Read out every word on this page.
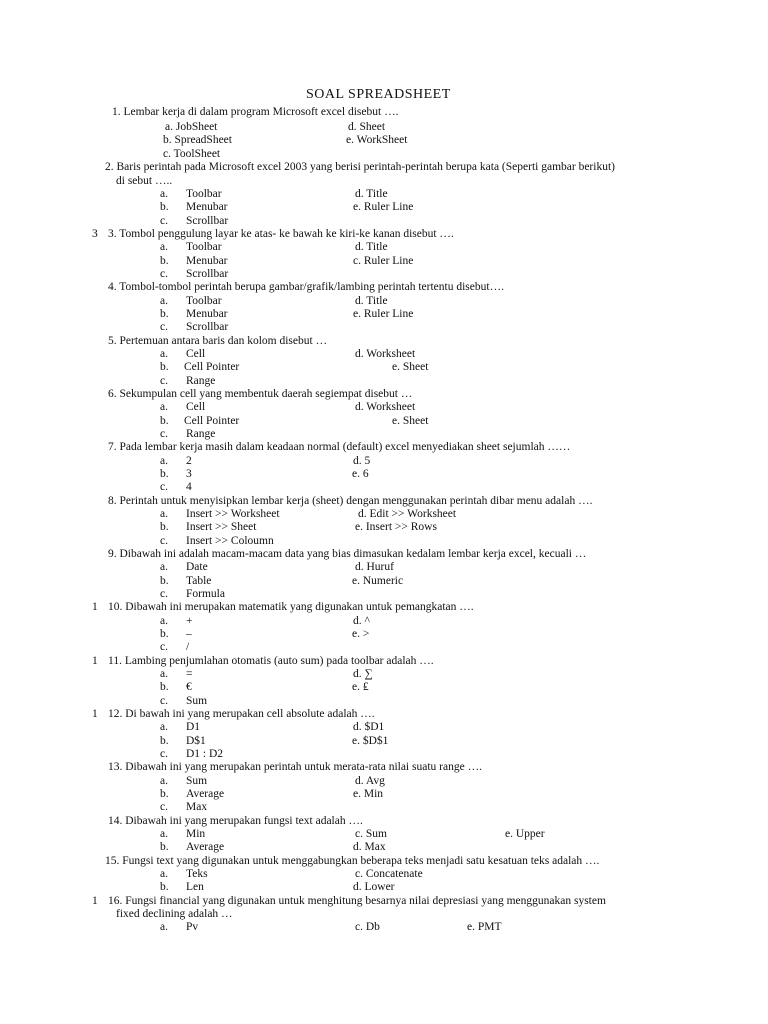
SOAL SPREADSHEET
1. Lembar kerja di dalam program Microsoft excel disebut ….
a. JobSheet	d. Sheet
b. SpreadSheet	e. WorkSheet
c. ToolSheet
2. Baris perintah pada Microsoft excel 2003 yang berisi perintah-perintah berupa kata (Seperti gambar berikut)
di sebut …..
a. Toolbar	d. Title
b. Menubar	e. Ruler Line
c. Scrollbar
3 3. Tombol penggulung layar ke atas- ke bawah ke kiri-ke kanan disebut ….
a. Toolbar	d. Title
b. Menubar	c. Ruler Line
c. Scrollbar
4. Tombol-tombol perintah berupa gambar/grafik/lambing perintah tertentu disebut….
a. Toolbar	d. Title
b. Menubar	e. Ruler Line
c. Scrollbar
5. Pertemuan antara baris dan kolom disebut …
a. Cell	d. Worksheet
b. Cell Pointer	e. Sheet
c. Range
6. Sekumpulan cell yang membentuk daerah segiempat disebut …
a. Cell	d. Worksheet
b. Cell Pointer	e. Sheet
c. Range
7. Pada lembar kerja masih dalam keadaan normal (default) excel menyediakan sheet sejumlah ……
a. 2	d. 5
b. 3	e. 6
c. 4
8. Perintah untuk menyisipkan lembar kerja (sheet) dengan menggunakan perintah dibar menu adalah ….
a. Insert >> Worksheet	d. Edit >> Worksheet
b. Insert >> Sheet	e. Insert >> Rows
c. Insert >> Coloumn
9. Dibawah ini adalah macam-macam data yang bias dimasukan kedalam lembar kerja excel, kecuali …
a. Date	d. Huruf
b. Table	e. Numeric
c. Formula
1 10. Dibawah ini merupakan matematik yang digunakan untuk pemangkatan ….
a. +	d. ^
b. –	e. >
c. /
1 11. Lambing penjumlahan otomatis (auto sum) pada toolbar adalah ….
a. =	d. ∑
b. €	e. ₤
c. Sum
1 12. Di bawah ini yang merupakan cell absolute adalah ….
a. D1	d. $D1
b. D$1	e. $D$1
c. D1 : D2
13. Dibawah ini yang merupakan perintah untuk merata-rata nilai suatu range ….
a. Sum	d. Avg
b. Average	e. Min
c. Max
14. Dibawah ini yang merupakan fungsi text adalah ….
a. Min	c. Sum	e. Upper
b. Average	d. Max
15. Fungsi text yang digunakan untuk menggabungkan beberapa teks menjadi satu kesatuan teks adalah ….
a. Teks	c. Concatenate
b. Len	d. Lower
1 16. Fungsi financial yang digunakan untuk menghitung besarnya nilai depresiasi yang menggunakan system
fixed declining adalah …
a. Pv	c. Db	e. PMT
